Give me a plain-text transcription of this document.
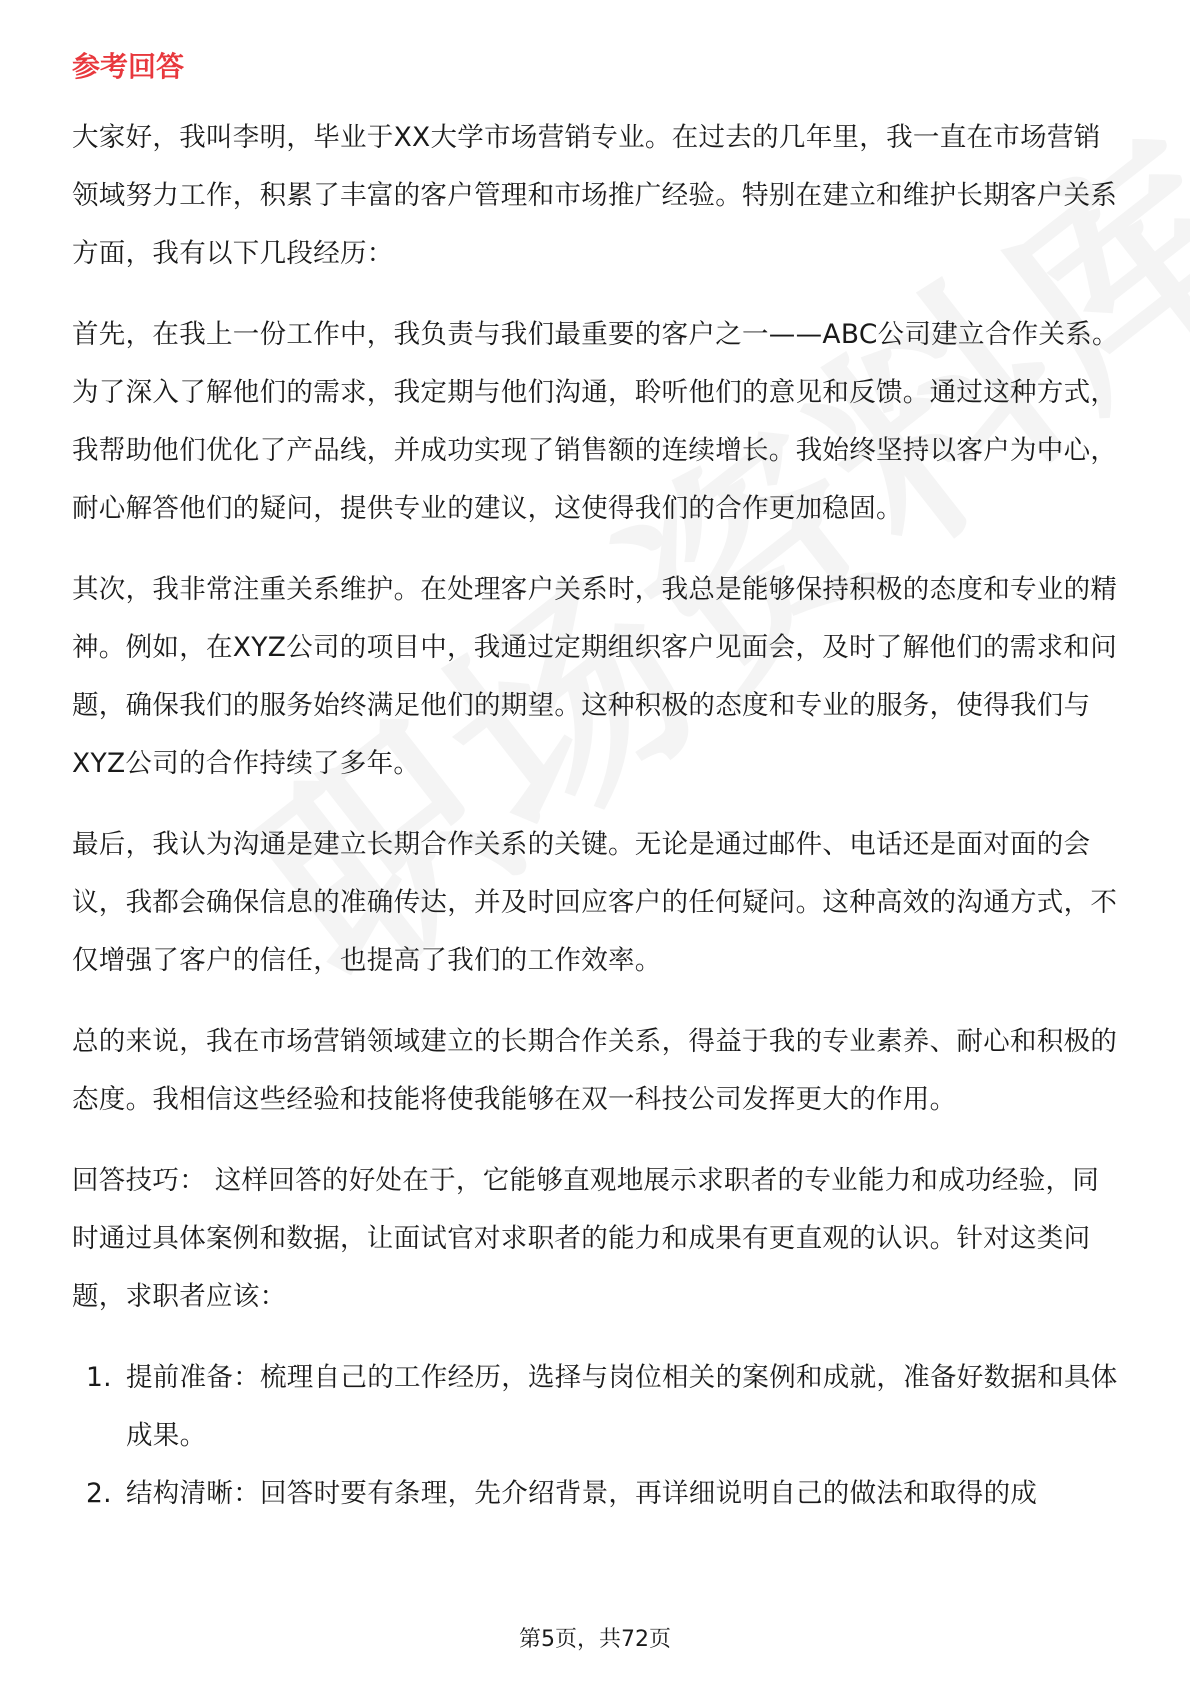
参考回答

大家好，我叫李明，毕业于XX大学市场营销专业。在过去的几年里，我一直在市场营销领域努力工作，积累了丰富的客户管理和市场推广经验。特别在建立和维护长期客户关系方面，我有以下几段经历：

首先，在我上一份工作中，我负责与我们最重要的客户之一——ABC公司建立合作关系。为了深入了解他们的需求，我定期与他们沟通，聆听他们的意见和反馈。通过这种方式，我帮助他们优化了产品线，并成功实现了销售额的连续增长。我始终坚持以客户为中心，耐心解答他们的疑问，提供专业的建议，这使得我们的合作更加稳固。

其次，我非常注重关系维护。在处理客户关系时，我总是能够保持积极的态度和专业的精神。例如，在XYZ公司的项目中，我通过定期组织客户见面会，及时了解他们的需求和问题，确保我们的服务始终满足他们的期望。这种积极的态度和专业的服务，使得我们与XYZ公司的合作持续了多年。

最后，我认为沟通是建立长期合作关系的关键。无论是通过邮件、电话还是面对面的会议，我都会确保信息的准确传达，并及时回应客户的任何疑问。这种高效的沟通方式，不仅增强了客户的信任，也提高了我们的工作效率。

总的来说，我在市场营销领域建立的长期合作关系，得益于我的专业素养、耐心和积极的态度。我相信这些经验和技能将使我能够在双一科技公司发挥更大的作用。

回答技巧： 这样回答的好处在于，它能够直观地展示求职者的专业能力和成功经验，同时通过具体案例和数据，让面试官对求职者的能力和成果有更直观的认识。针对这类问题，求职者应该：

1. 提前准备：梳理自己的工作经历，选择与岗位相关的案例和成就，准备好数据和具体成果。
2. 结构清晰：回答时要有条理，先介绍背景，再详细说明自己的做法和取得的成
第5页，共72页
